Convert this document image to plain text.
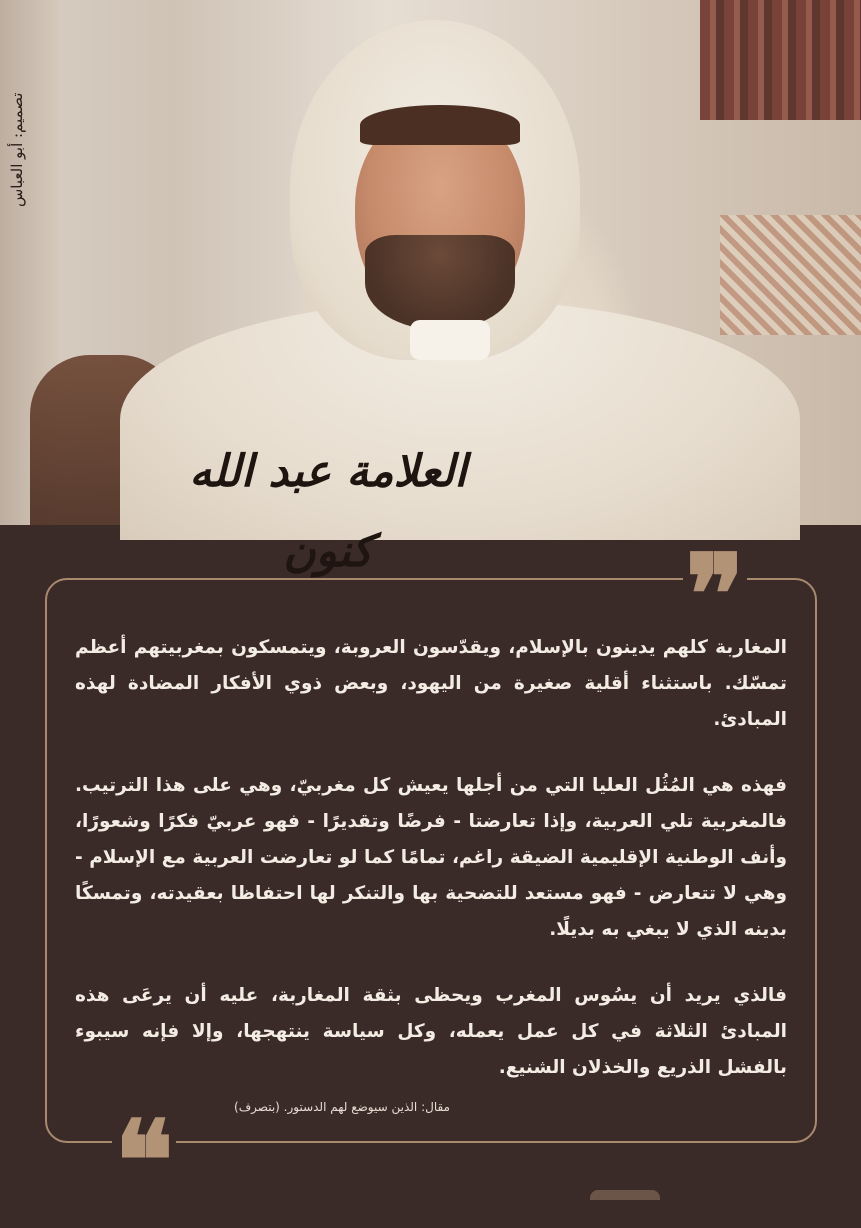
تصميم: أبو العباس
العلامة عبد الله كنون	❞
❝

المغاربة كلهم يدينون بالإسلام، ويقدّسون العروبة، ويتمسكون بمغربيتهم أعظم تمسّك. باستثناء أقلية صغيرة من اليهود، وبعض ذوي الأفكار المضادة لهذه المبادئ.

فهذه هي المُثُل العليا التي من أجلها يعيش كل مغربيّ، وهي على هذا الترتيب. فالمغربية تلي العربية، وإذا تعارضتا - فرضًا وتقديرًا - فهو عربيّ فكرًا وشعورًا، وأنف الوطنية الإقليمية الضيقة راغم، تمامًا كما لو تعارضت العربية مع الإسلام - وهي لا تتعارض - فهو مستعد للتضحية بها والتنكر لها احتفاظا بعقيدته، وتمسكًا بدينه الذي لا يبغي به بديلًا.

فالذي يريد أن يسُوس المغرب ويحظى بثقة المغاربة، عليه أن يرعَى هذه المبادئ الثلاثة في كل عمل يعمله، وكل سياسة ينتهجها، وإلا فإنه سيبوء بالفشل الذريع والخذلان الشنيع.

مقال: الذين سيوضع لهم الدستور. (بتصرف)
